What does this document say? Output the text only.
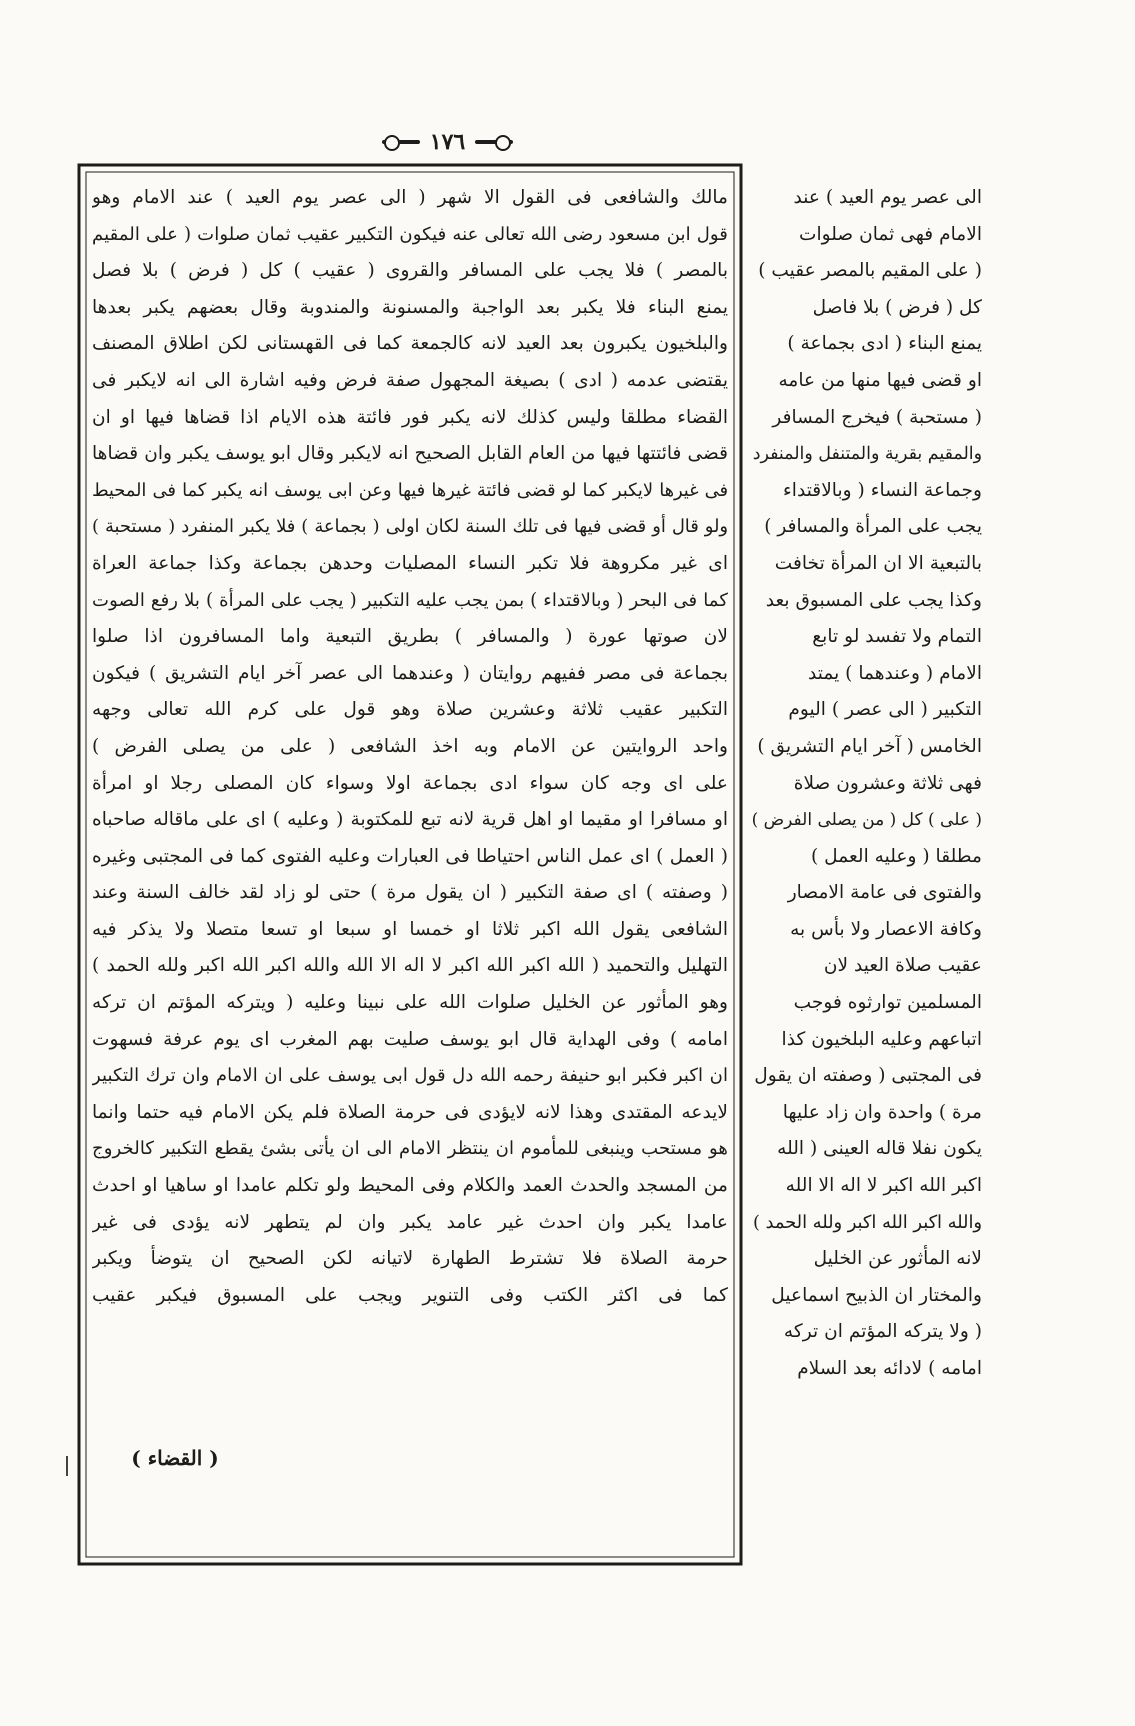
١٧٦
مالك والشافعى فى القول الا شهر ( الى عصر يوم العيد ) عند الامام وهو
قول ابن مسعود رضى الله تعالى عنه فيكون التكبير عقيب ثمان صلوات ( على المقيم
بالمصر ) فلا يجب على المسافر والقروى ( عقيب ) كل ( فرض ) بلا فصل
يمنع البناء فلا يكبر بعد الواجبة والمسنونة والمندوبة وقال بعضهم يكبر بعدها
والبلخيون يكبرون بعد العيد لانه كالجمعة كما فى القهستانى لكن اطلاق المصنف
يقتضى عدمه ( ادى ) بصيغة المجهول صفة فرض وفيه اشارة الى انه لايكبر فى
القضاء مطلقا وليس كذلك لانه يكبر فور فائتة هذه الايام اذا قضاها فيها او ان
قضى فائتتها فيها من العام القابل الصحيح انه لايكبر وقال ابو يوسف يكبر وان قضاها
فى غيرها لايكبر كما لو قضى فائتة غيرها فيها وعن ابى يوسف انه يكبر كما فى المحيط
ولو قال أو قضى فيها فى تلك السنة لكان اولى ( بجماعة ) فلا يكبر المنفرد ( مستحبة )
اى غير مكروهة فلا تكبر النساء المصليات وحدهن بجماعة وكذا جماعة العراة
كما فى البحر ( وبالاقتداء ) بمن يجب عليه التكبير ( يجب على المرأة ) بلا رفع الصوت
لان صوتها عورة ( والمسافر ) بطريق التبعية واما المسافرون اذا صلوا
بجماعة فى مصر ففيهم روايتان ( وعندهما الى عصر آخر ايام التشريق ) فيكون
التكبير عقيب ثلاثة وعشرين صلاة وهو قول على كرم الله تعالى وجهه
واحد الروايتين عن الامام وبه اخذ الشافعى ( على من يصلى الفرض )
على اى وجه كان سواء ادى بجماعة اولا وسواء كان المصلى رجلا او امرأة
او مسافرا او مقيما او اهل قرية لانه تبع للمكتوبة ( وعليه ) اى على ماقاله صاحباه
( العمل ) اى عمل الناس احتياطا فى العبارات وعليه الفتوى كما فى المجتبى وغيره
( وصفته ) اى صفة التكبير ( ان يقول مرة ) حتى لو زاد لقد خالف السنة وعند
الشافعى يقول الله اكبر ثلاثا او خمسا او سبعا او تسعا متصلا ولا يذكر فيه
التهليل والتحميد ( الله اكبر الله اكبر لا اله الا الله والله اكبر الله اكبر ولله الحمد )
وهو المأثور عن الخليل صلوات الله على نبينا وعليه ( ويتركه المؤتم ان تركه
امامه ) وفى الهداية قال ابو يوسف صليت بهم المغرب اى يوم عرفة فسهوت
ان اكبر فكبر ابو حنيفة رحمه الله دل قول ابى يوسف على ان الامام وان ترك التكبير
لايدعه المقتدى وهذا لانه لايؤدى فى حرمة الصلاة فلم يكن الامام فيه حتما وانما
هو مستحب وينبغى للمأموم ان ينتظر الامام الى ان يأتى بشئ يقطع التكبير كالخروج
من المسجد والحدث العمد والكلام وفى المحيط ولو تكلم عامدا او ساهيا او احدث
عامدا يكبر وان احدث غير عامد يكبر وان لم يتطهر لانه يؤدى فى غير
حرمة الصلاة فلا تشترط الطهارة لاتيانه لكن الصحيح ان يتوضأ ويكبر
كما فى اكثر الكتب وفى التنوير ويجب على المسبوق فيكبر عقيب
الى عصر يوم العيد ) عند
الامام فهى ثمان صلوات
( على المقيم بالمصر عقيب )
كل ( فرض ) بلا فاصل
يمنع البناء ( ادى بجماعة )
او قضى فيها منها من عامه
( مستحبة ) فيخرج المسافر
والمقيم بقرية والمتنفل والمنفرد
وجماعة النساء ( وبالاقتداء
يجب على المرأة والمسافر )
بالتبعية الا ان المرأة تخافت
وكذا يجب على المسبوق بعد
التمام ولا تفسد لو تابع
الامام ( وعندهما ) يمتد
التكبير ( الى عصر ) اليوم
الخامس ( آخر ايام التشريق )
فهى ثلاثة وعشرون صلاة
( على ) كل ( من يصلى الفرض )
مطلقا ( وعليه العمل )
والفتوى فى عامة الامصار
وكافة الاعصار ولا بأس به
عقيب صلاة العيد لان
المسلمين توارثوه فوجب
اتباعهم وعليه البلخيون كذا
فى المجتبى ( وصفته ان يقول
مرة ) واحدة وان زاد عليها
يكون نفلا قاله العينى ( الله
اكبر الله اكبر لا اله الا الله
والله اكبر الله اكبر ولله الحمد )
لانه المأثور عن الخليل
والمختار ان الذبيح اسماعيل
( ولا يتركه المؤتم ان تركه
امامه ) لادائه بعد السلام
( القضاء )
